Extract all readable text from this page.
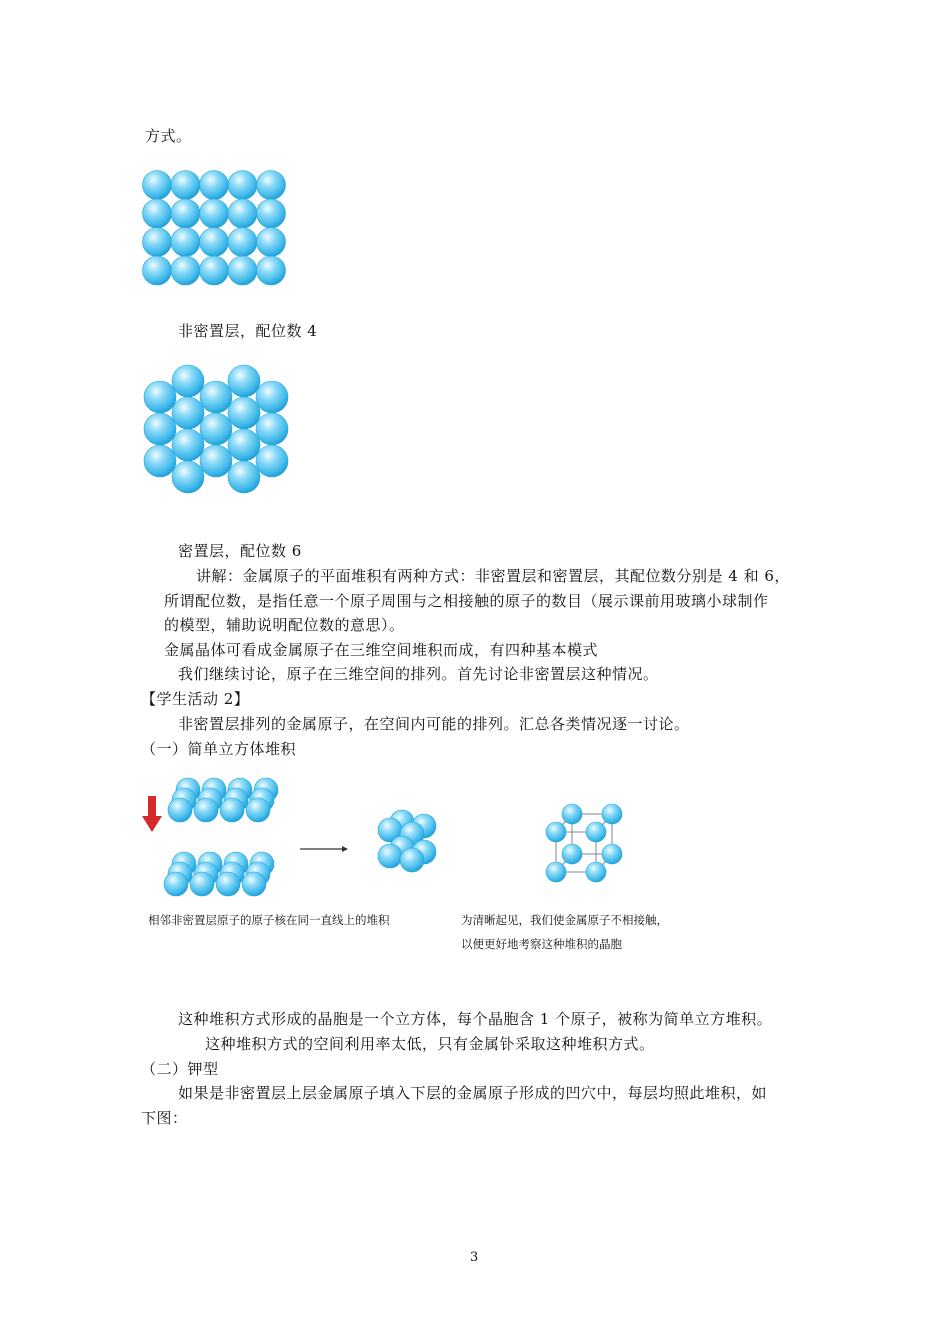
方式。
非密置层，配位数 4
密置层，配位数 6
讲解：金属原子的平面堆积有两种方式：非密置层和密置层，其配位数分别是 4 和 6，
所谓配位数，是指任意一个原子周围与之相接触的原子的数目（展示课前用玻璃小球制作
的模型，辅助说明配位数的意思）。
金属晶体可看成金属原子在三维空间堆积而成，有四种基本模式
我们继续讨论，原子在三维空间的排列。首先讨论非密置层这种情况。
【学生活动 2】
非密置层排列的金属原子，在空间内可能的排列。汇总各类情况逐一讨论。
（一）简单立方体堆积
相邻非密置层原子的原子核在同一直线上的堆积	为清晰起见，我们使金属原子不相接触，
以便更好地考察这种堆积的晶胞
这种堆积方式形成的晶胞是一个立方体，每个晶胞含 1 个原子，被称为简单立方堆积。
这种堆积方式的空间利用率太低，只有金属钋采取这种堆积方式。
（二）钾型
如果是非密置层上层金属原子填入下层的金属原子形成的凹穴中，每层均照此堆积，如
下图：
3
